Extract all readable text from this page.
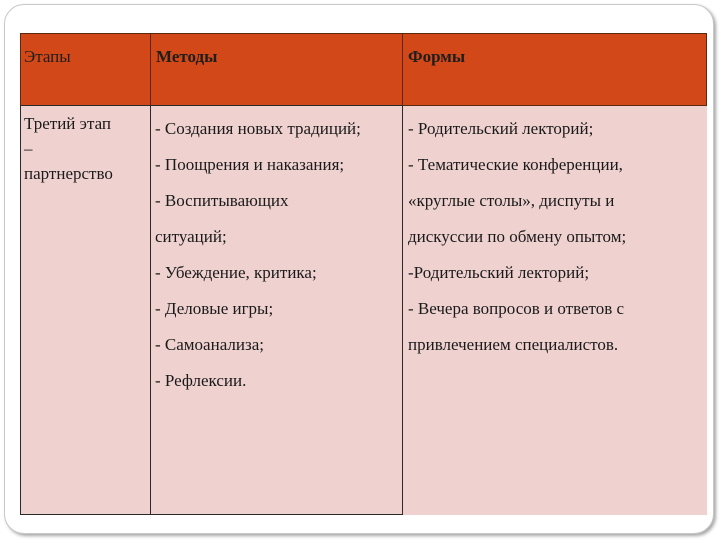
Этапы	Методы	Формы
Третий этап
–
партнерство
- Создания новых традиций;
- Поощрения и наказания;
- Воспитывающих
ситуаций;
- Убеждение, критика;
- Деловые игры;
- Самоанализа;
- Рефлексии.
- Родительский лекторий;
- Тематические конференции,
«круглые столы», диспуты и
дискуссии по обмену опытом;
-Родительский лекторий;
- Вечера вопросов и ответов с
привлечением специалистов.
